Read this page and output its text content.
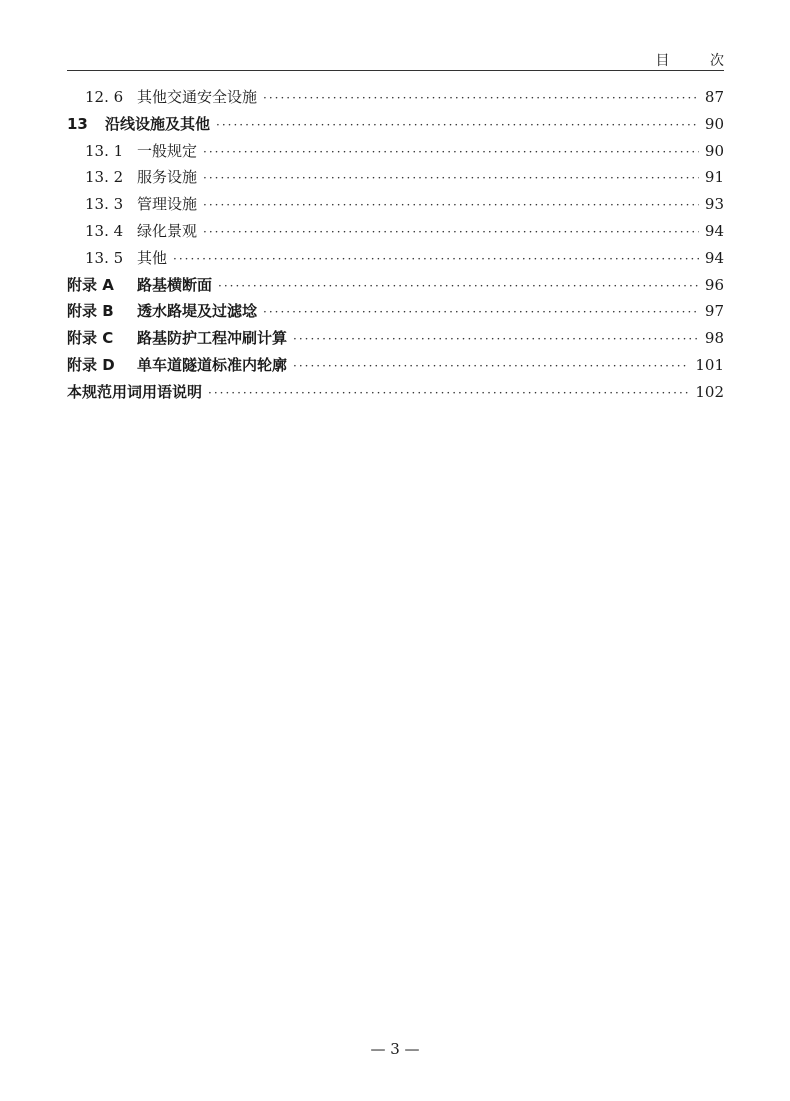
目 次
12. 6 其他交通安全设施 ·····	87
13	沿线设施及其他 ·····	90
13. 1 一般规定 ·····	90
13. 2 服务设施 ·····	91
13. 3 管理设施 ·····	93
13. 4 绿化景观 ·····	94
13. 5 其他 ·····	94
附录 A	路基横断面 ·····	96
附录 B	透水路堤及过滤埝 ·····	97
附录 C	路基防护工程冲刷计算 ·····	98
附录 D	单车道隧道标准内轮廓 ·····	101
本规范用词用语说明 ·····	102
— 3 —
